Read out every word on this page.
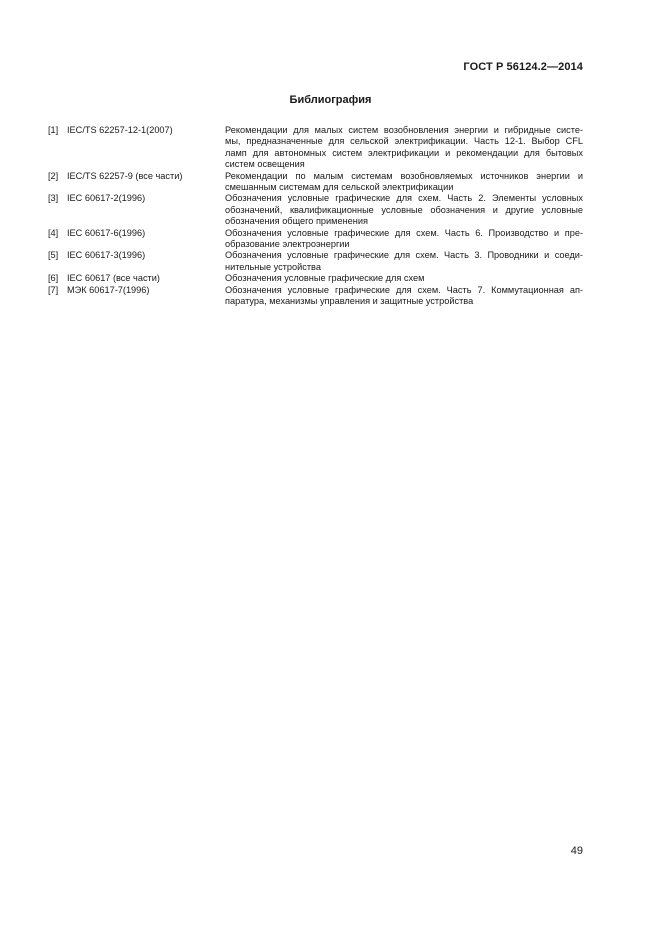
ГОСТ Р 56124.2—2014
Библиография
[1] IEC/TS 62257-12-1(2007)	Рекомендации для малых систем возобновления энергии и гибридные систе-
мы, предназначенные для сельской электрификации. Часть 12-1. Выбор CFL
ламп для автономных систем электрификации и рекомендации для бытовых
систем освещения
[2] IEC/TS 62257-9 (все части)	Рекомендации по малым системам возобновляемых источников энергии и
смешанным системам для сельской электрификации
[3] IEC 60617-2(1996)	Обозначения условные графические для схем. Часть 2. Элементы условных
обозначений, квалификационные условные обозначения и другие условные
обозначения общего применения
[4] IEC 60617-6(1996)	Обозначения условные графические для схем. Часть 6. Производство и пре-
образование электроэнергии
[5] IEC 60617-3(1996)	Обозначения условные графические для схем. Часть 3. Проводники и соеди-
нительные устройства
[6] IEC 60617 (все части)	Обозначения условные графические для схем
[7] МЭК 60617-7(1996)	Обозначения условные графические для схем. Часть 7. Коммутационная ап-
паратура, механизмы управления и защитные устройства
49
